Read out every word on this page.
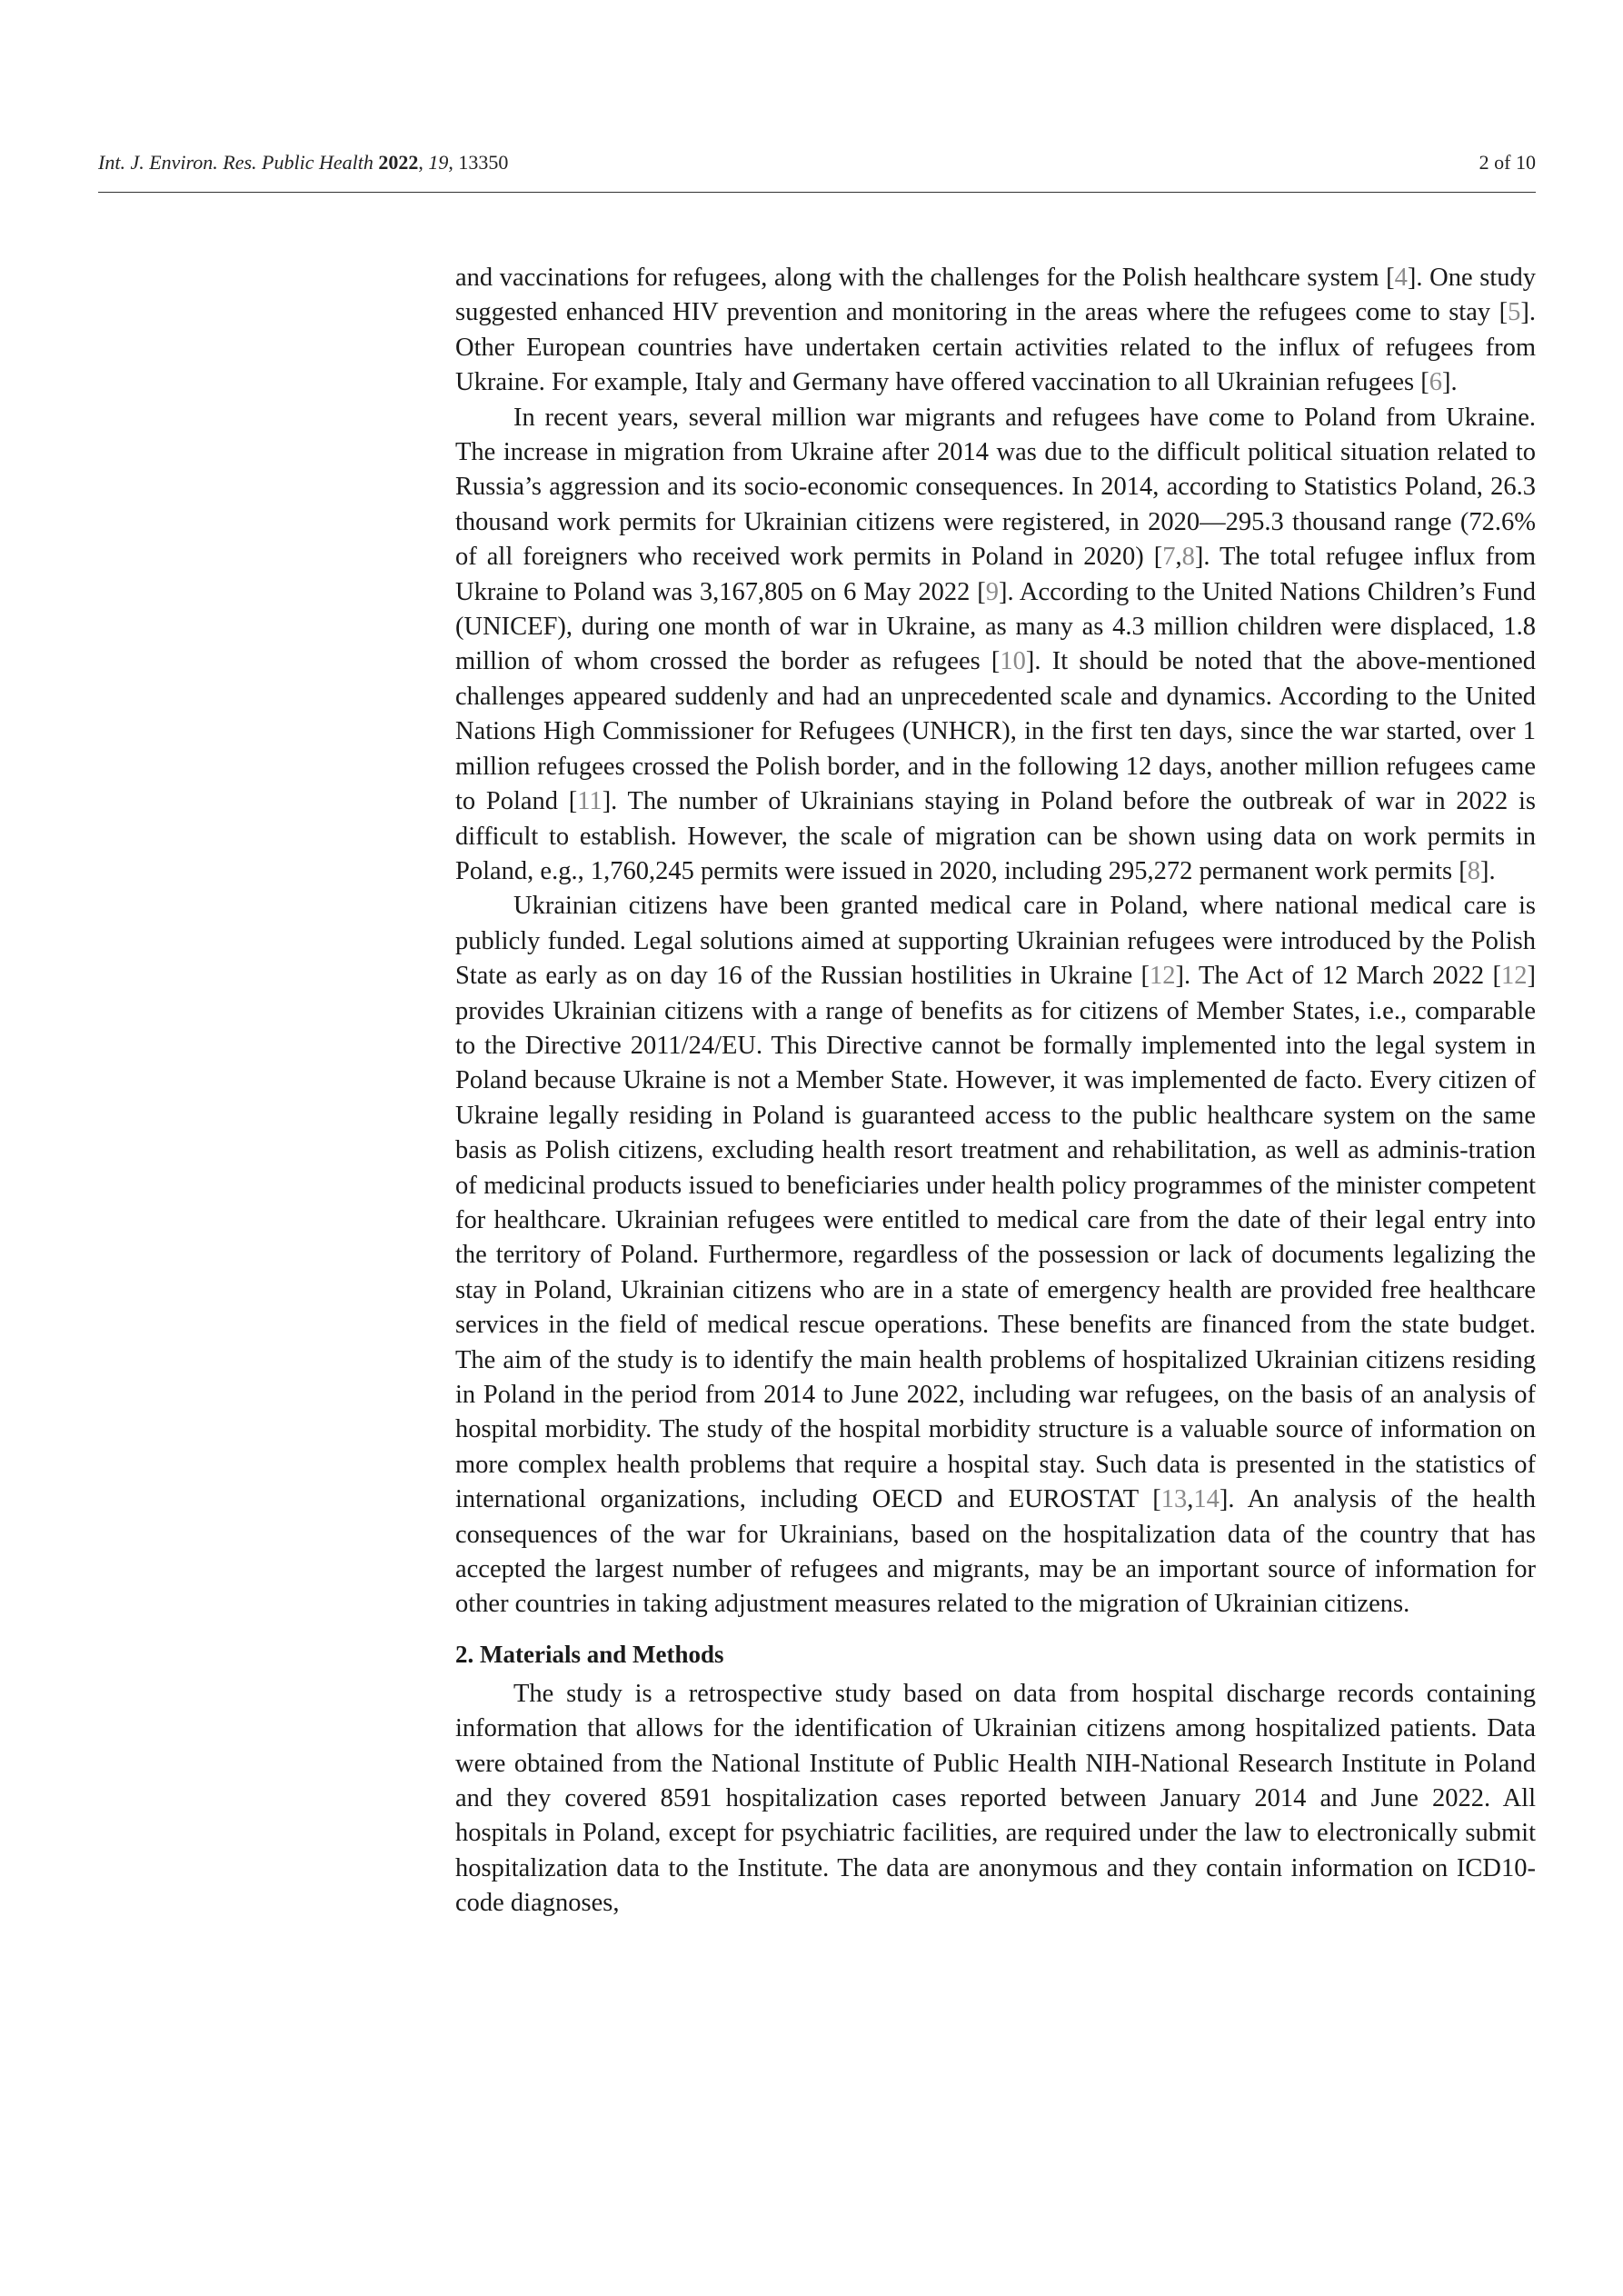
Int. J. Environ. Res. Public Health 2022, 19, 13350	2 of 10

and vaccinations for refugees, along with the challenges for the Polish healthcare system [4]. One study suggested enhanced HIV prevention and monitoring in the areas where the refugees come to stay [5]. Other European countries have undertaken certain activities related to the influx of refugees from Ukraine. For example, Italy and Germany have offered vaccination to all Ukrainian refugees [6].

In recent years, several million war migrants and refugees have come to Poland from Ukraine. The increase in migration from Ukraine after 2014 was due to the difficult political situation related to Russia’s aggression and its socio-economic consequences. In 2014, according to Statistics Poland, 26.3 thousand work permits for Ukrainian citizens were registered, in 2020—295.3 thousand range (72.6% of all foreigners who received work permits in Poland in 2020) [7,8]. The total refugee influx from Ukraine to Poland was 3,167,805 on 6 May 2022 [9]. According to the United Nations Children’s Fund (UNICEF), during one month of war in Ukraine, as many as 4.3 million children were displaced, 1.8 million of whom crossed the border as refugees [10]. It should be noted that the above-mentioned challenges appeared suddenly and had an unprecedented scale and dynamics. According to the United Nations High Commissioner for Refugees (UNHCR), in the first ten days, since the war started, over 1 million refugees crossed the Polish border, and in the following 12 days, another million refugees came to Poland [11]. The number of Ukrainians staying in Poland before the outbreak of war in 2022 is difficult to establish. However, the scale of migration can be shown using data on work permits in Poland, e.g., 1,760,245 permits were issued in 2020, including 295,272 permanent work permits [8].

Ukrainian citizens have been granted medical care in Poland, where national medical care is publicly funded. Legal solutions aimed at supporting Ukrainian refugees were introduced by the Polish State as early as on day 16 of the Russian hostilities in Ukraine [12]. The Act of 12 March 2022 [12] provides Ukrainian citizens with a range of benefits as for citizens of Member States, i.e., comparable to the Directive 2011/24/EU. This Directive cannot be formally implemented into the legal system in Poland because Ukraine is not a Member State. However, it was implemented de facto. Every citizen of Ukraine legally residing in Poland is guaranteed access to the public healthcare system on the same basis as Polish citizens, excluding health resort treatment and rehabilitation, as well as adminis-tration of medicinal products issued to beneficiaries under health policy programmes of the minister competent for healthcare. Ukrainian refugees were entitled to medical care from the date of their legal entry into the territory of Poland. Furthermore, regardless of the possession or lack of documents legalizing the stay in Poland, Ukrainian citizens who are in a state of emergency health are provided free healthcare services in the field of medical rescue operations. These benefits are financed from the state budget. The aim of the study is to identify the main health problems of hospitalized Ukrainian citizens residing in Poland in the period from 2014 to June 2022, including war refugees, on the basis of an analysis of hospital morbidity. The study of the hospital morbidity structure is a valuable source of information on more complex health problems that require a hospital stay. Such data is presented in the statistics of international organizations, including OECD and EUROSTAT [13,14]. An analysis of the health consequences of the war for Ukrainians, based on the hospitalization data of the country that has accepted the largest number of refugees and migrants, may be an important source of information for other countries in taking adjustment measures related to the migration of Ukrainian citizens.

2. Materials and Methods

The study is a retrospective study based on data from hospital discharge records containing information that allows for the identification of Ukrainian citizens among hospitalized patients. Data were obtained from the National Institute of Public Health NIH-National Research Institute in Poland and they covered 8591 hospitalization cases reported between January 2014 and June 2022. All hospitals in Poland, except for psychiatric facilities, are required under the law to electronically submit hospitalization data to the Institute. The data are anonymous and they contain information on ICD10-code diagnoses,
